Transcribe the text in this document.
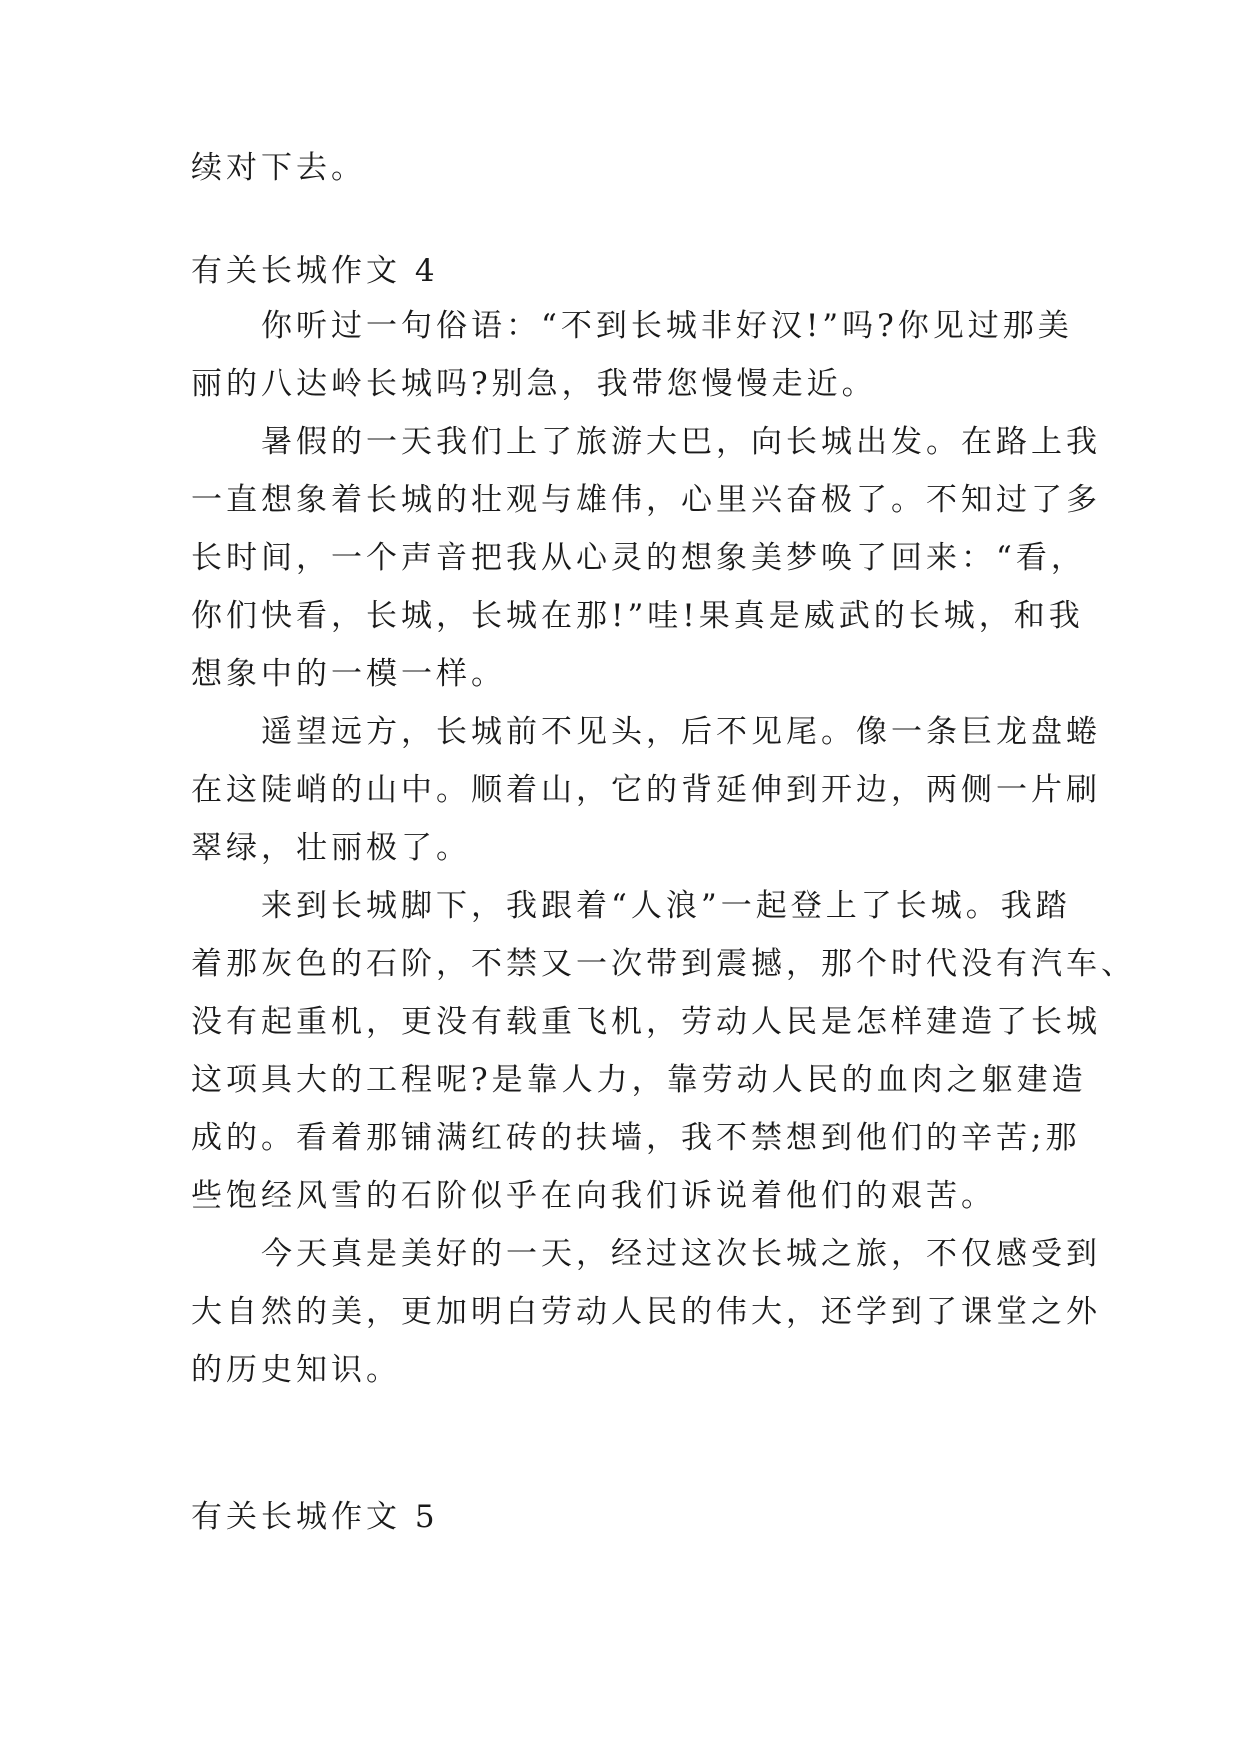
续对下去。

有关长城作文 4

　　你听过一句俗语：“不到长城非好汉!”吗?你见过那美
丽的八达岭长城吗?别急，我带您慢慢走近。
　　暑假的一天我们上了旅游大巴，向长城出发。在路上我
一直想象着长城的壮观与雄伟，心里兴奋极了。不知过了多
长时间，一个声音把我从心灵的想象美梦唤了回来：“看，
你们快看，长城，长城在那!”哇!果真是威武的长城，和我
想象中的一模一样。
　　遥望远方，长城前不见头，后不见尾。像一条巨龙盘蜷
在这陡峭的山中。顺着山，它的背延伸到开边，两侧一片刷
翠绿，壮丽极了。
　　来到长城脚下，我跟着“人浪”一起登上了长城。我踏
着那灰色的石阶，不禁又一次带到震撼，那个时代没有汽车、
没有起重机，更没有载重飞机，劳动人民是怎样建造了长城
这项具大的工程呢?是靠人力，靠劳动人民的血肉之躯建造
成的。看着那铺满红砖的扶墙，我不禁想到他们的辛苦;那
些饱经风雪的石阶似乎在向我们诉说着他们的艰苦。
　　今天真是美好的一天，经过这次长城之旅，不仅感受到
大自然的美，更加明白劳动人民的伟大，还学到了课堂之外
的历史知识。

有关长城作文 5
